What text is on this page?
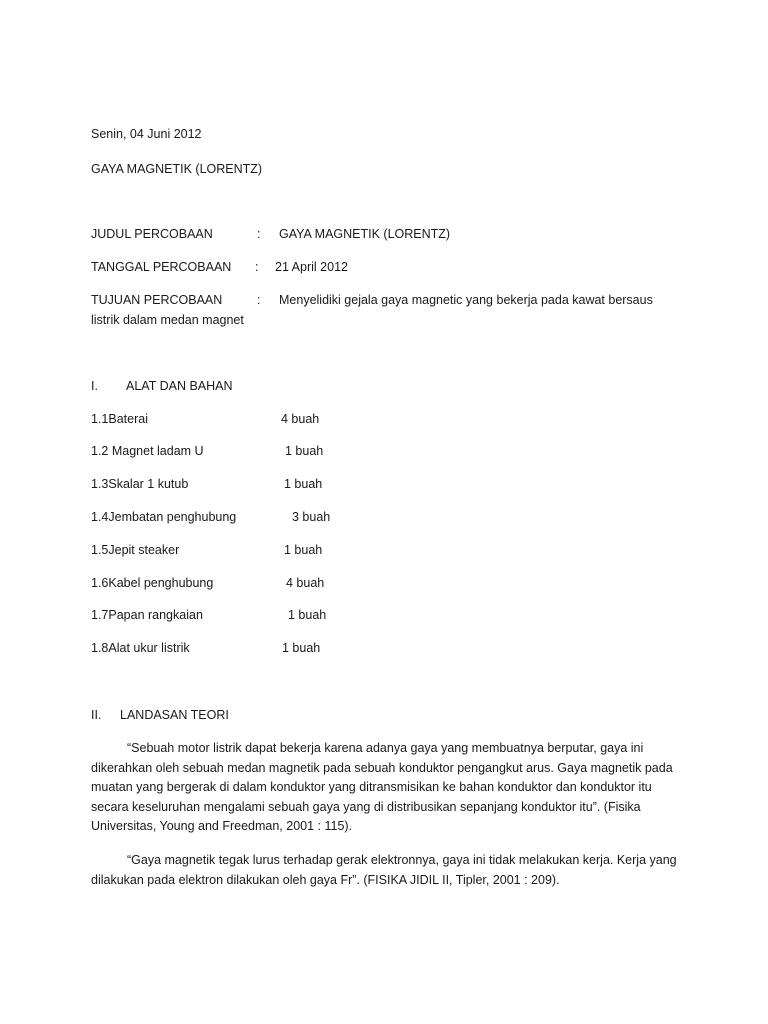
Senin, 04 Juni 2012
GAYA MAGNETIK (LORENTZ)
JUDUL PERCOBAAN	: GAYA MAGNETIK (LORENTZ)
TANGGAL PERCOBAAN : 21 April 2012
TUJUAN PERCOBAAN	: Menyelidiki gejala gaya magnetic yang bekerja pada kawat bersaus
listrik dalam medan magnet
I. ALAT DAN BAHAN
1.1Baterai	4 buah
1.2 Magnet ladam U	1 buah
1.3Skalar 1 kutub	1 buah
1.4Jembatan penghubung	3 buah
1.5Jepit steaker	1 buah
1.6Kabel penghubung	4 buah
1.7Papan rangkaian	1 buah
1.8Alat ukur listrik	1 buah
II. LANDASAN TEORI
“Sebuah motor listrik dapat bekerja karena adanya gaya yang membuatnya berputar, gaya ini dikerahkan oleh sebuah medan magnetik pada sebuah konduktor pengangkut arus. Gaya magnetik pada muatan yang bergerak di dalam konduktor yang ditransmisikan ke bahan konduktor dan konduktor itu secara keseluruhan mengalami sebuah gaya yang di distribusikan sepanjang konduktor itu”. (Fisika Universitas, Young and Freedman, 2001 : 115).
“Gaya magnetik tegak lurus terhadap gerak elektronnya, gaya ini tidak melakukan kerja. Kerja yang dilakukan pada elektron dilakukan oleh gaya Fr”. (FISIKA JIDIL II, Tipler, 2001 : 209).
